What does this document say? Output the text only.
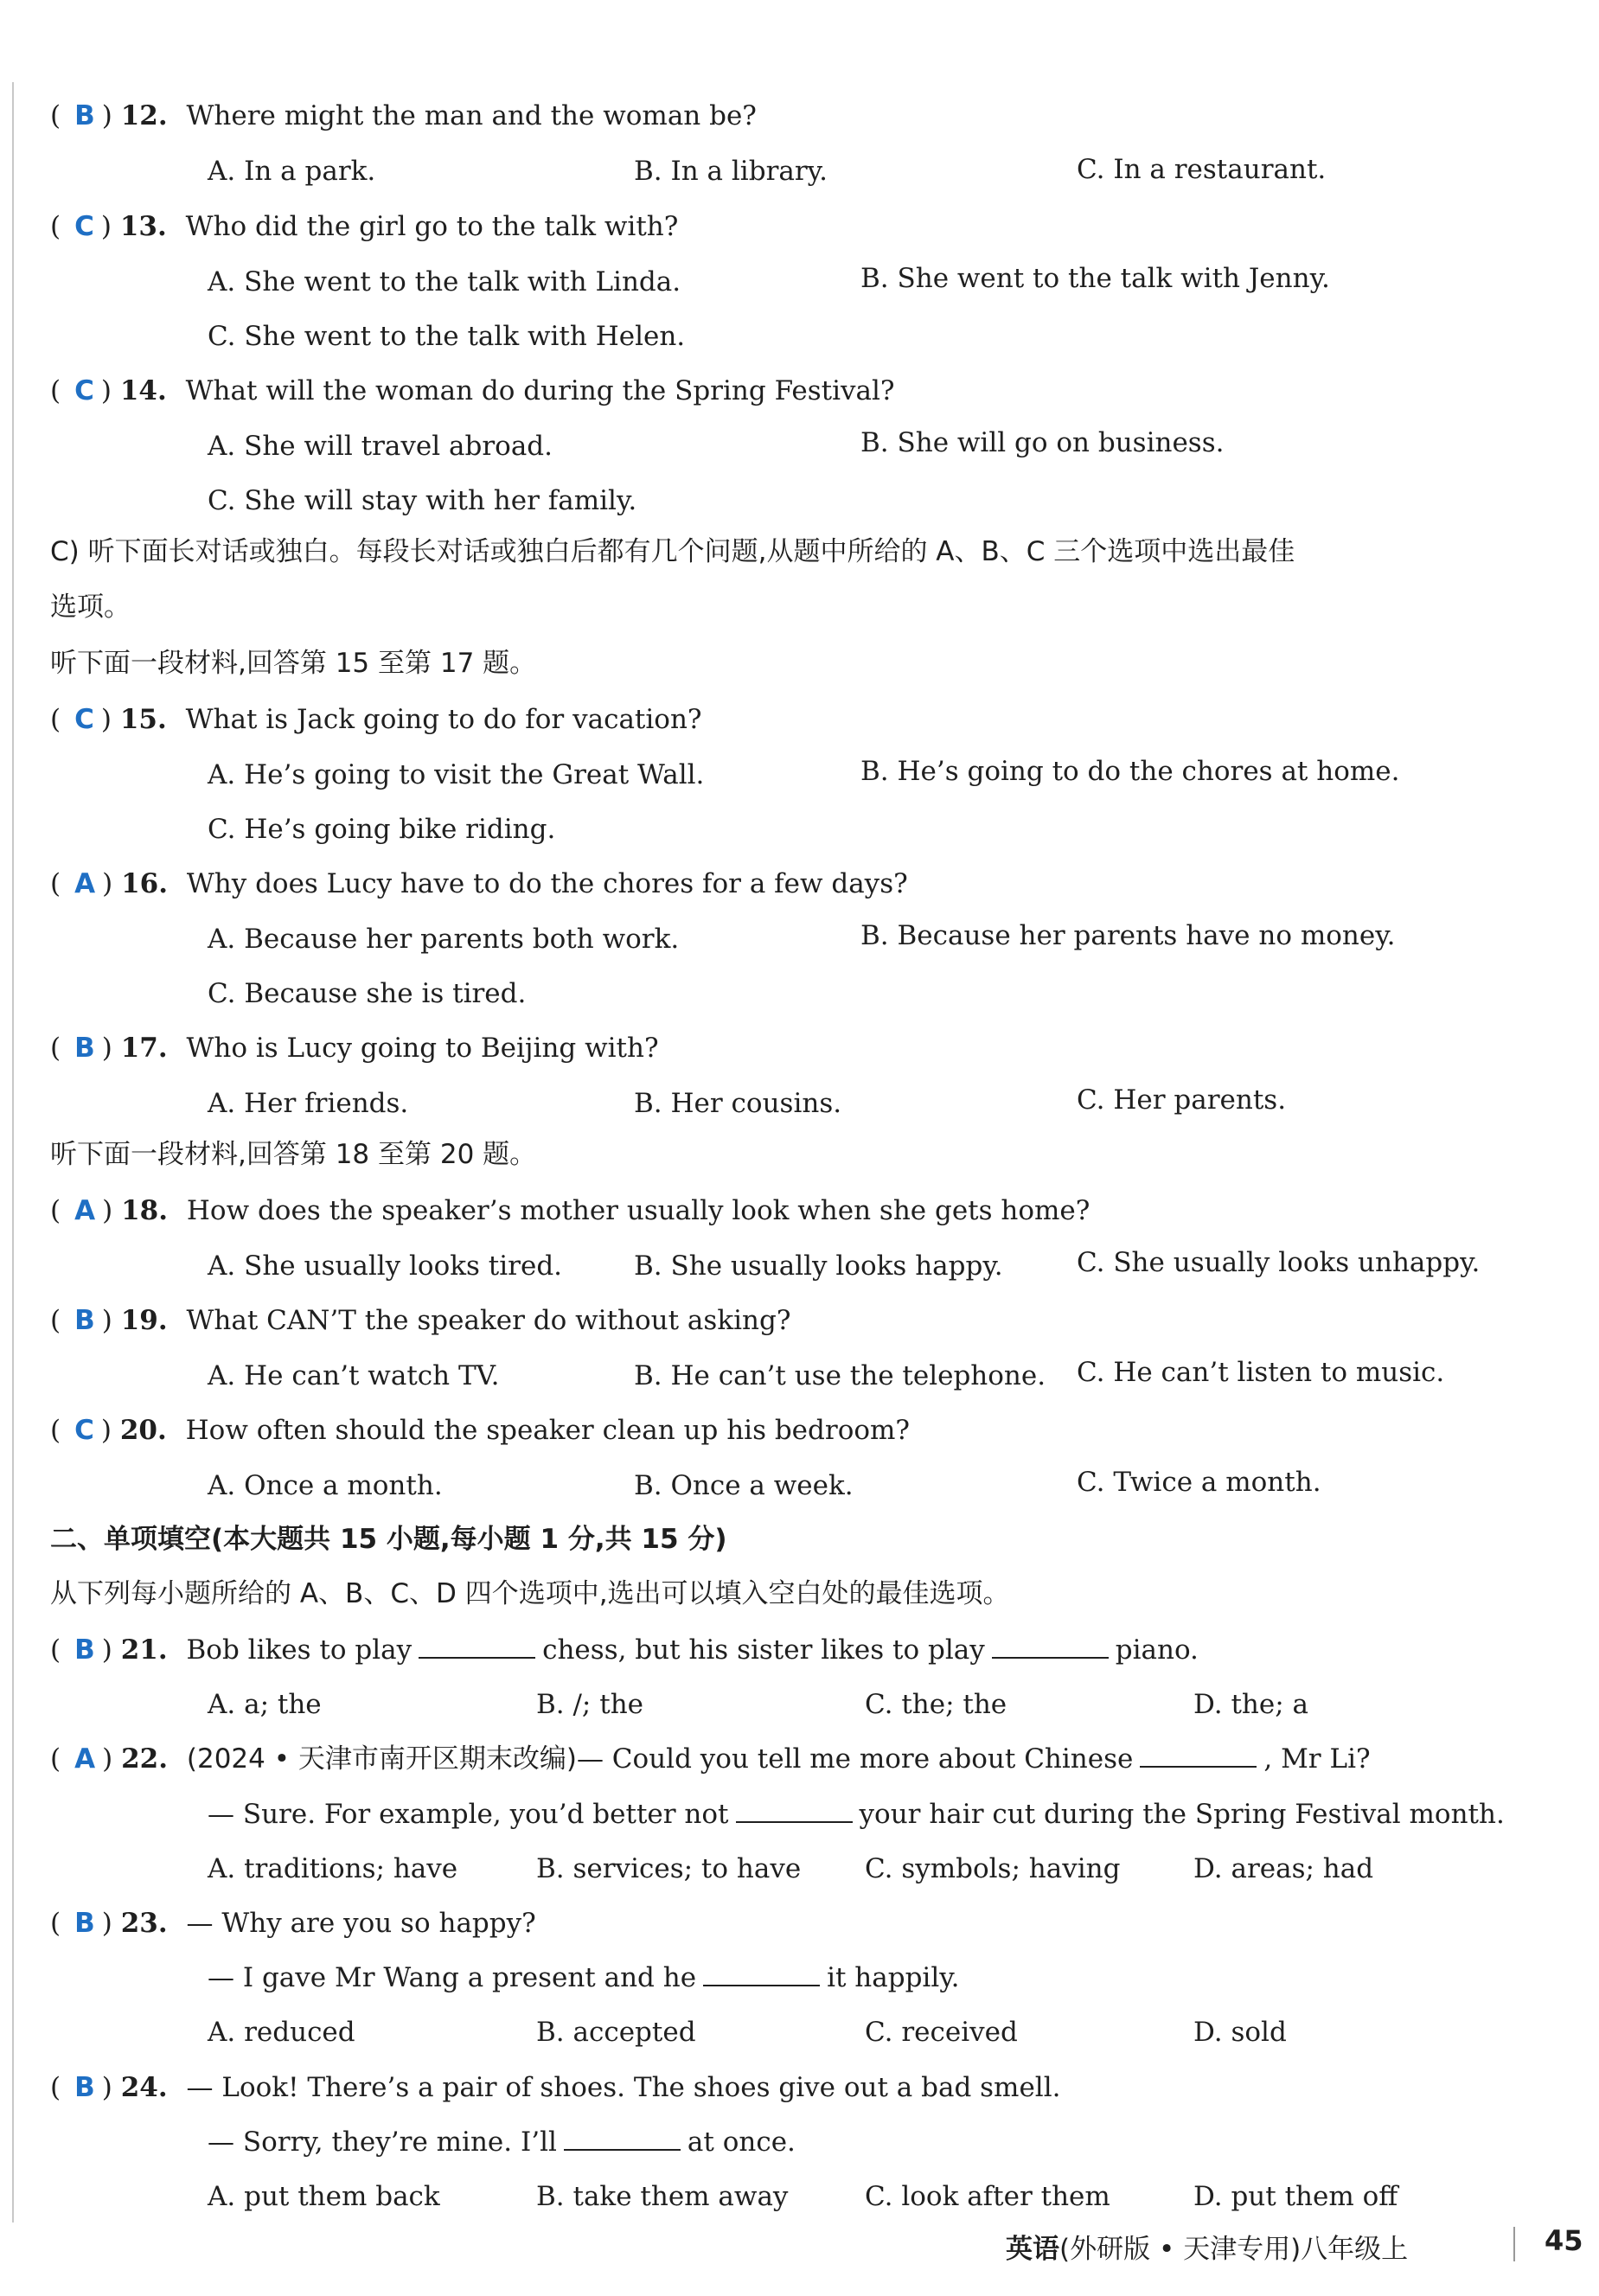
( B ) 12. Where might the man and the woman be?
A. In a park.	B. In a library.	C. In a restaurant.
( C ) 13. Who did the girl go to the talk with?
A. She went to the talk with Linda.	B. She went to the talk with Jenny.
C. She went to the talk with Helen.
( C ) 14. What will the woman do during the Spring Festival?
A. She will travel abroad.	B. She will go on business.
C. She will stay with her family.
C) 听下面长对话或独白。每段长对话或独白后都有几个问题,从题中所给的 A、B、C 三个选项中选出最佳
选项。
听下面一段材料,回答第 15 至第 17 题。
( C ) 15. What is Jack going to do for vacation?
A. He’s going to visit the Great Wall.	B. He’s going to do the chores at home.
C. He’s going bike riding.
( A ) 16. Why does Lucy have to do the chores for a few days?
A. Because her parents both work.	B. Because her parents have no money.
C. Because she is tired.
( B ) 17. Who is Lucy going to Beijing with?
A. Her friends.	B. Her cousins.	C. Her parents.
听下面一段材料,回答第 18 至第 20 题。
( A ) 18. How does the speaker’s mother usually look when she gets home?
A. She usually looks tired.	B. She usually looks happy.	C. She usually looks unhappy.
( B ) 19. What CAN’T the speaker do without asking?
A. He can’t watch TV.	B. He can’t use the telephone. C. He can’t listen to music.
( C ) 20. How often should the speaker clean up his bedroom?
A. Once a month.	B. Once a week.	C. Twice a month.
二、单项填空(本大题共 15 小题,每小题 1 分,共 15 分)
从下列每小题所给的 A、B、C、D 四个选项中,选出可以填入空白处的最佳选项。
( B ) 21. Bob likes to play	chess, but his sister likes to play	piano.
A. a; the	B. /; the	C. the; the	D. the; a
( A ) 22. (2024 • 天津市南开区期末改编)— Could you tell me more about Chinese	, Mr Li?
— Sure. For example, you’d better not	your hair cut during the Spring Festival month.
A. traditions; have	B. services; to have C. symbols; having	D. areas; had
( B ) 23. — Why are you so happy?
— I gave Mr Wang a present and he	it happily.
A. reduced	B. accepted	C. received	D. sold
( B ) 24. — Look! There’s a pair of shoes. The shoes give out a bad smell.
— Sorry, they’re mine. I’ll	at once.
A. put them back	B. take them away	C. look after them	D. put them off
英语(外研版 • 天津专用)八年级上	45
